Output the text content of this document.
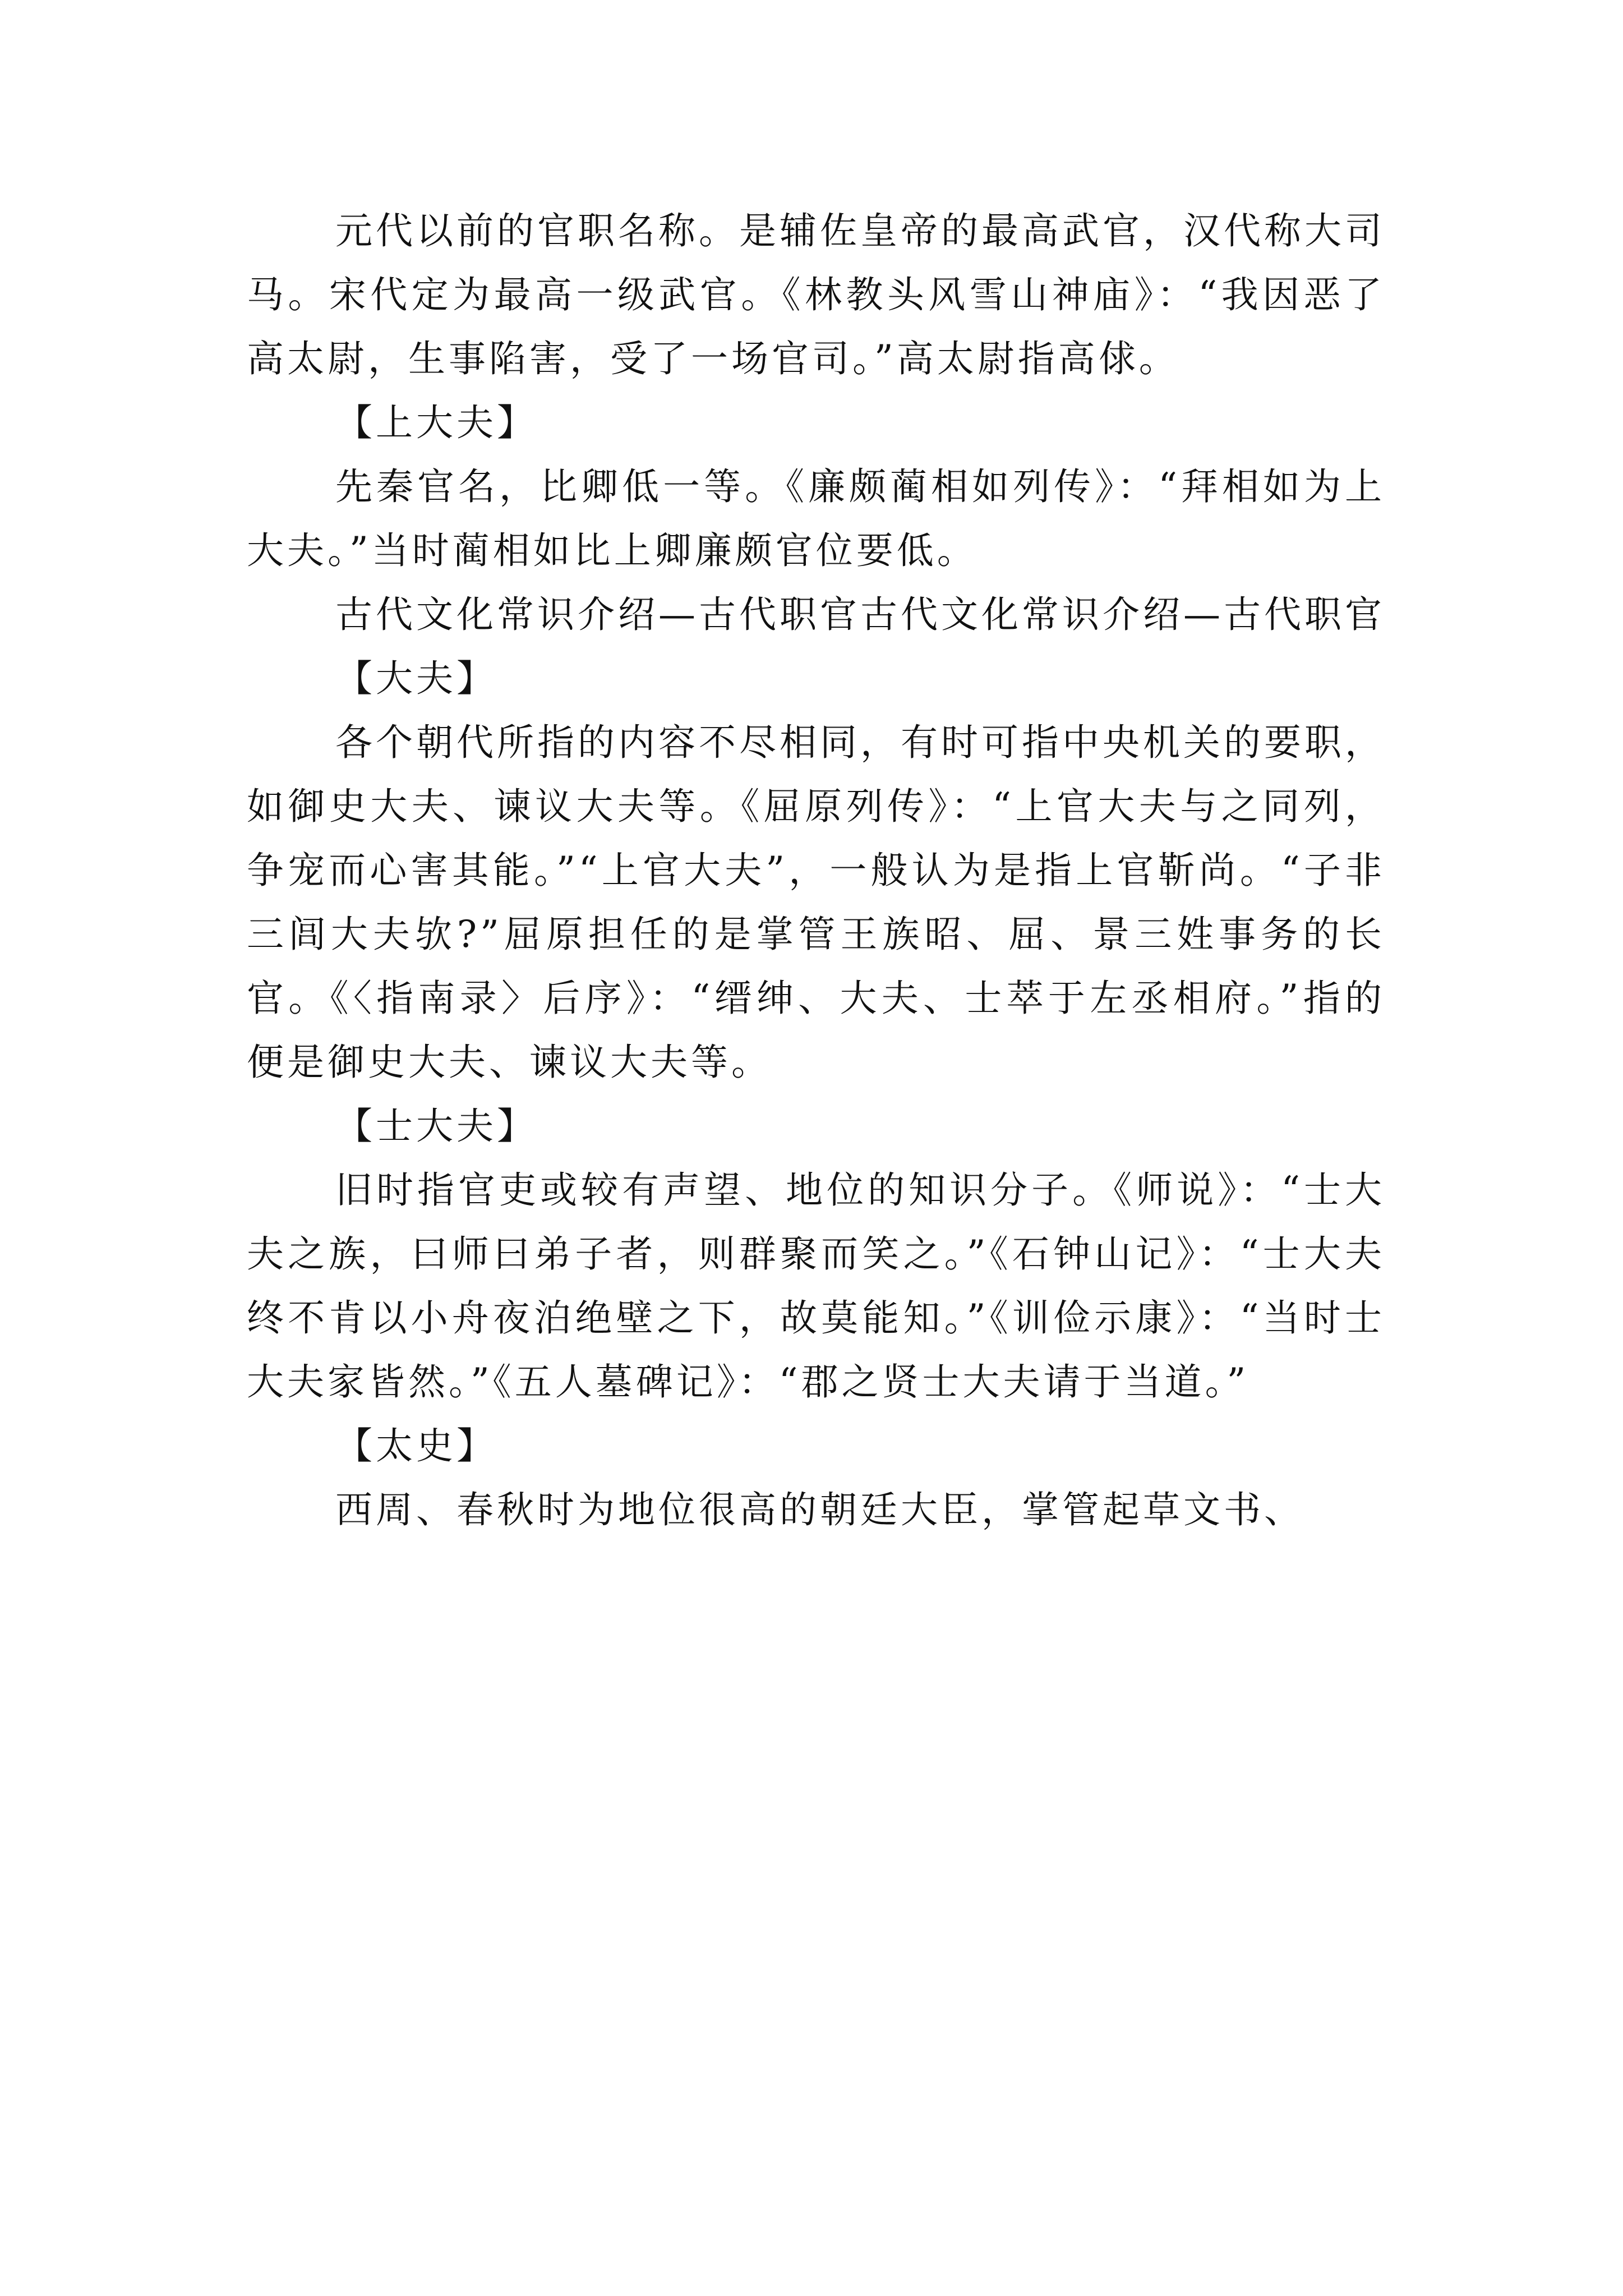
元代以前的官职名称。是辅佐皇帝的最高武官，汉代称大司马。宋代定为最高一级武官。《林教头风雪山神庙》：“我因恶了高太尉，生事陷害，受了一场官司。”高太尉指高俅。

【上大夫】

先秦官名，比卿低一等。《廉颇蔺相如列传》：“拜相如为上大夫。”当时蔺相如比上卿廉颇官位要低。

古代文化常识介绍—古代职官古代文化常识介绍—古代职官

【大夫】

各个朝代所指的内容不尽相同，有时可指中央机关的要职，如御史大夫、谏议大夫等。《屈原列传》：“上官大夫与之同列，争宠而心害其能。”“上官大夫”，一般认为是指上官靳尚。“子非三闾大夫欤?”屈原担任的是掌管王族昭、屈、景三姓事务的长官。《〈指南录〉后序》：“缙绅、大夫、士萃于左丞相府。”指的便是御史大夫、谏议大夫等。

【士大夫】

旧时指官吏或较有声望、地位的知识分子。《师说》：“士大夫之族，曰师曰弟子者，则群聚而笑之。”《石钟山记》：“士大夫终不肯以小舟夜泊绝壁之下，故莫能知。”《训俭示康》：“当时士大夫家皆然。”《五人墓碑记》：“郡之贤士大夫请于当道。”

【太史】

西周、春秋时为地位很高的朝廷大臣，掌管起草文书、
